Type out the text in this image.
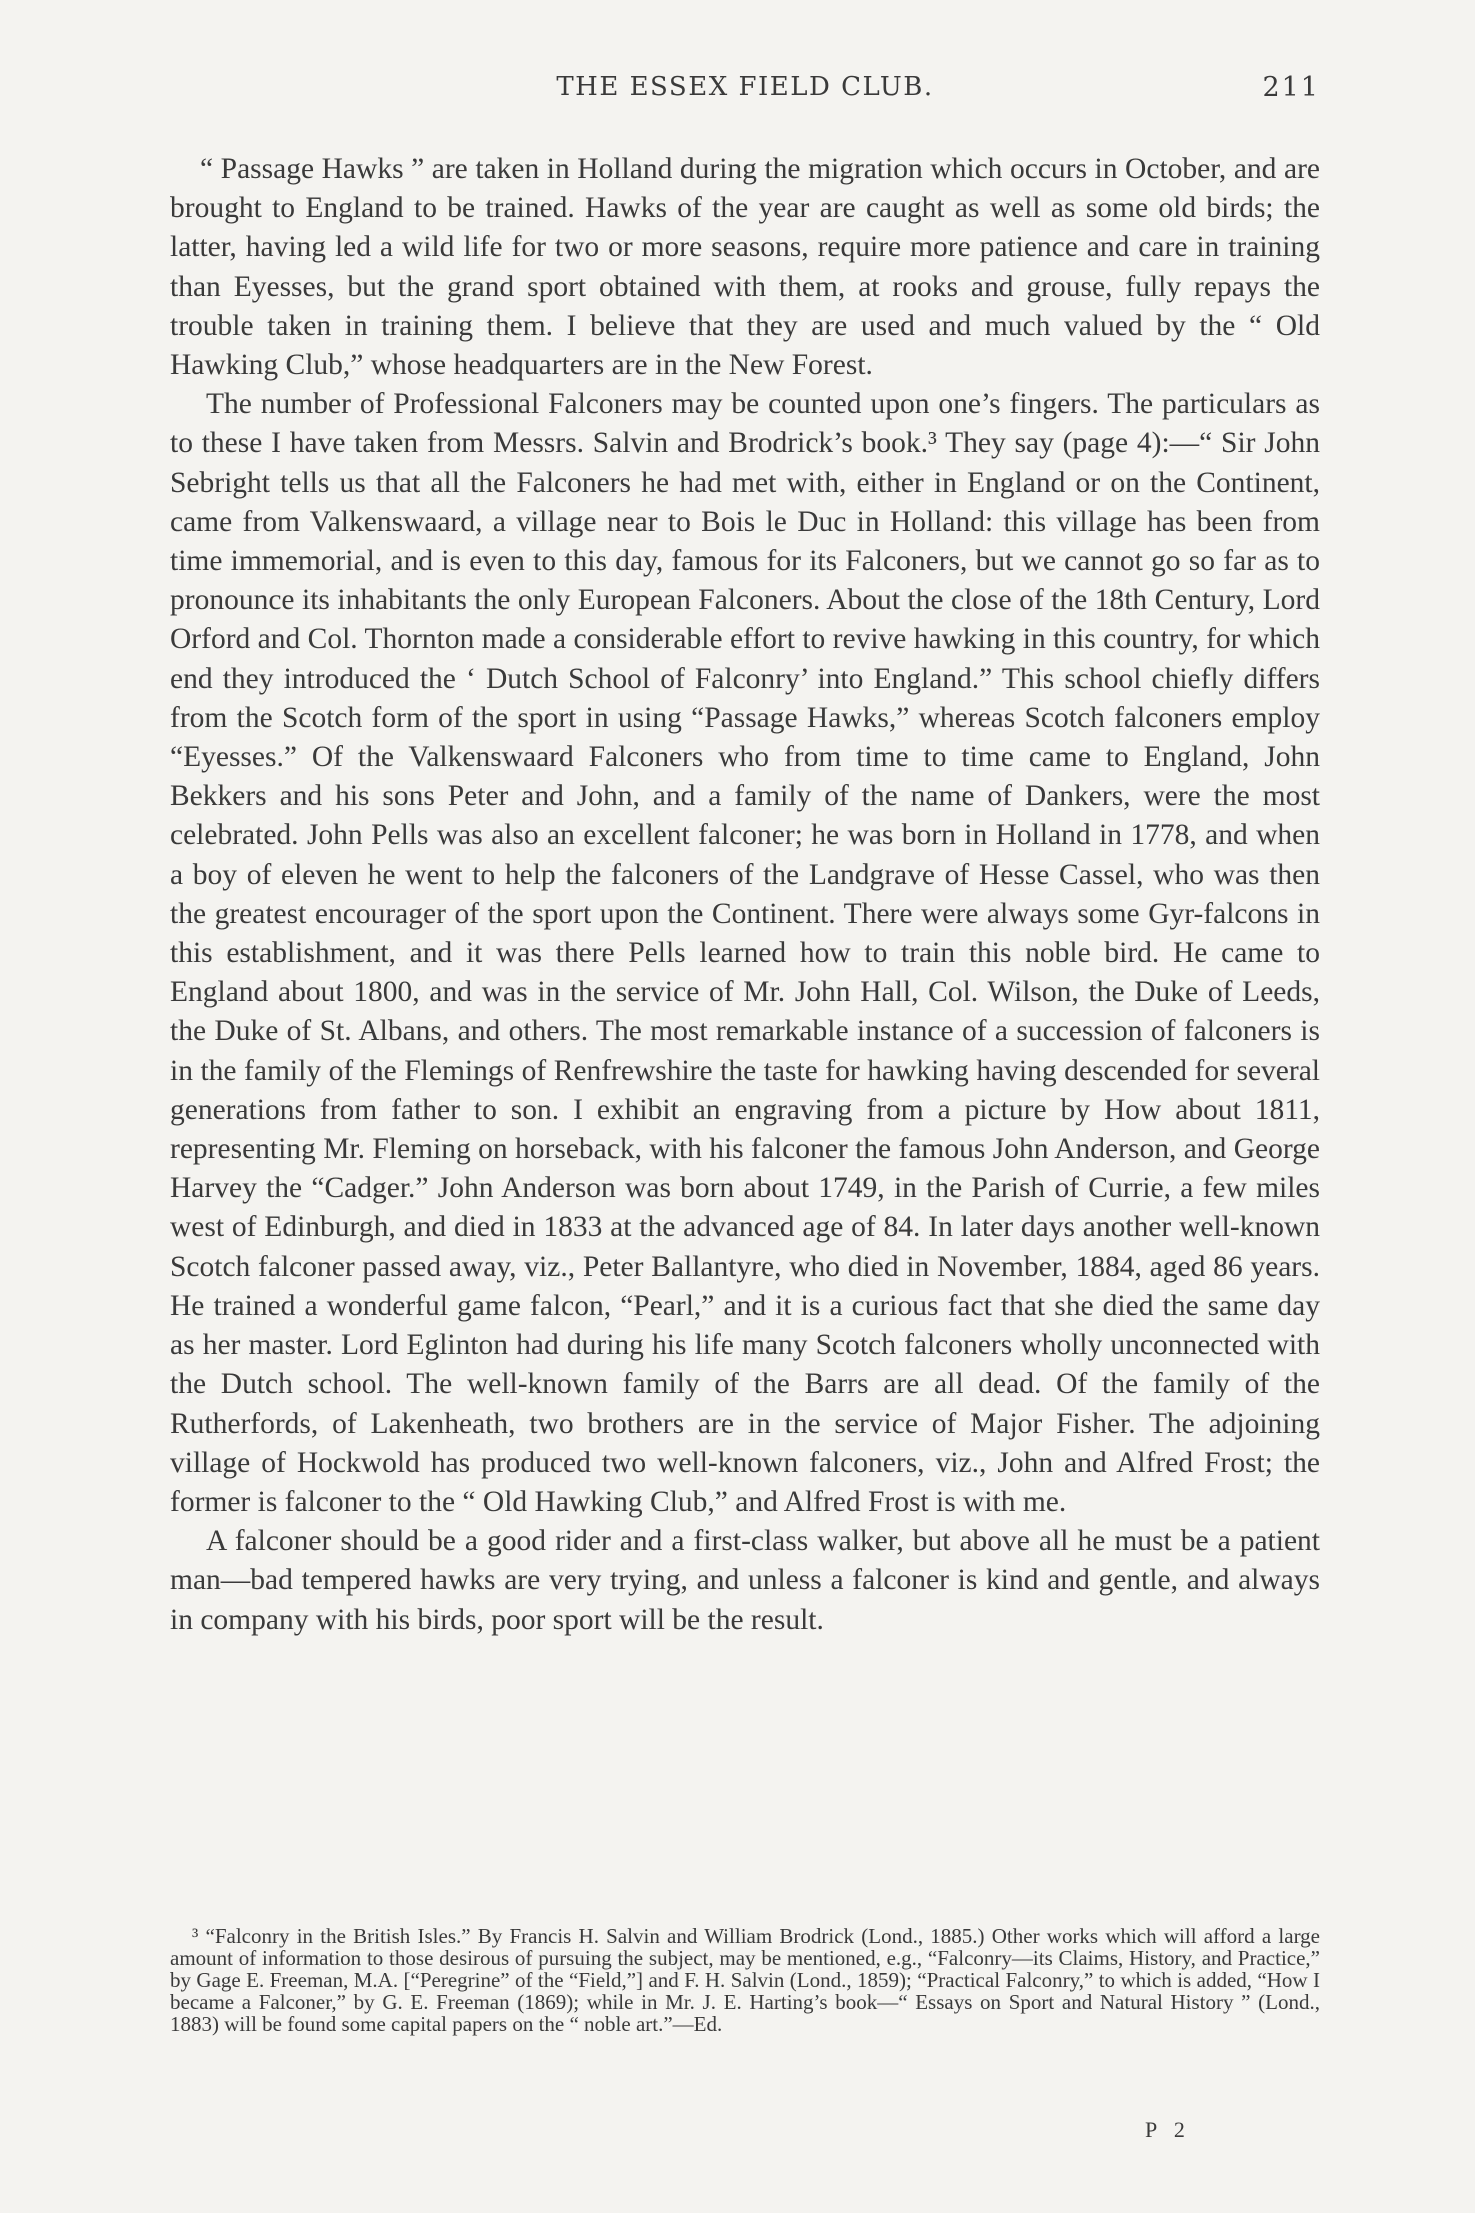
THE ESSEX FIELD CLUB.	211

“ Passage Hawks ” are taken in Holland during the migration which occurs in October, and are brought to England to be trained. Hawks of the year are caught as well as some old birds; the latter, having led a wild life for two or more seasons, require more patience and care in training than Eyesses, but the grand sport obtained with them, at rooks and grouse, fully repays the trouble taken in training them. I believe that they are used and much valued by the “ Old Hawking Club,” whose headquarters are in the New Forest.

The number of Professional Falconers may be counted upon one’s fingers. The particulars as to these I have taken from Messrs. Salvin and Brodrick’s book.³ They say (page 4):—“ Sir John Sebright tells us that all the Falconers he had met with, either in England or on the Continent, came from Valkenswaard, a village near to Bois le Duc in Holland: this village has been from time immemorial, and is even to this day, famous for its Falconers, but we cannot go so far as to pronounce its inhabitants the only European Falconers. About the close of the 18th Century, Lord Orford and Col. Thornton made a considerable effort to revive hawking in this country, for which end they introduced the ‘ Dutch School of Falconry’ into England.” This school chiefly differs from the Scotch form of the sport in using “Passage Hawks,” whereas Scotch falconers employ “Eyesses.” Of the Valkenswaard Falconers who from time to time came to England, John Bekkers and his sons Peter and John, and a family of the name of Dankers, were the most celebrated. John Pells was also an excellent falconer; he was born in Holland in 1778, and when a boy of eleven he went to help the falconers of the Landgrave of Hesse Cassel, who was then the greatest encourager of the sport upon the Continent. There were always some Gyr-falcons in this establishment, and it was there Pells learned how to train this noble bird. He came to England about 1800, and was in the service of Mr. John Hall, Col. Wilson, the Duke of Leeds, the Duke of St. Albans, and others. The most remarkable instance of a succession of falconers is in the family of the Flemings of Renfrewshire the taste for hawking having descended for several generations from father to son. I exhibit an engraving from a picture by How about 1811, representing Mr. Fleming on horseback, with his falconer the famous John Anderson, and George Harvey the “Cadger.” John Anderson was born about 1749, in the Parish of Currie, a few miles west of Edinburgh, and died in 1833 at the advanced age of 84. In later days another well-known Scotch falconer passed away, viz., Peter Ballantyre, who died in November, 1884, aged 86 years. He trained a wonderful game falcon, “Pearl,” and it is a curious fact that she died the same day as her master. Lord Eglinton had during his life many Scotch falconers wholly unconnected with the Dutch school. The well-known family of the Barrs are all dead. Of the family of the Rutherfords, of Lakenheath, two brothers are in the service of Major Fisher. The adjoining village of Hockwold has produced two well-known falconers, viz., John and Alfred Frost; the former is falconer to the “ Old Hawking Club,” and Alfred Frost is with me.

A falconer should be a good rider and a first-class walker, but above all he must be a patient man—bad tempered hawks are very trying, and unless a falconer is kind and gentle, and always in company with his birds, poor sport will be the result.

³ “Falconry in the British Isles.” By Francis H. Salvin and William Brodrick (Lond., 1885.) Other works which will afford a large amount of information to those desirous of pursuing the subject, may be mentioned, e.g., “Falconry—its Claims, History, and Practice,” by Gage E. Freeman, M.A. [“Peregrine” of the “Field,”] and F. H. Salvin (Lond., 1859); “Practical Falconry,” to which is added, “How I became a Falconer,” by G. E. Freeman (1869); while in Mr. J. E. Harting’s book—“ Essays on Sport and Natural History ” (Lond., 1883) will be found some capital papers on the “ noble art.”—Ed.

P 2
